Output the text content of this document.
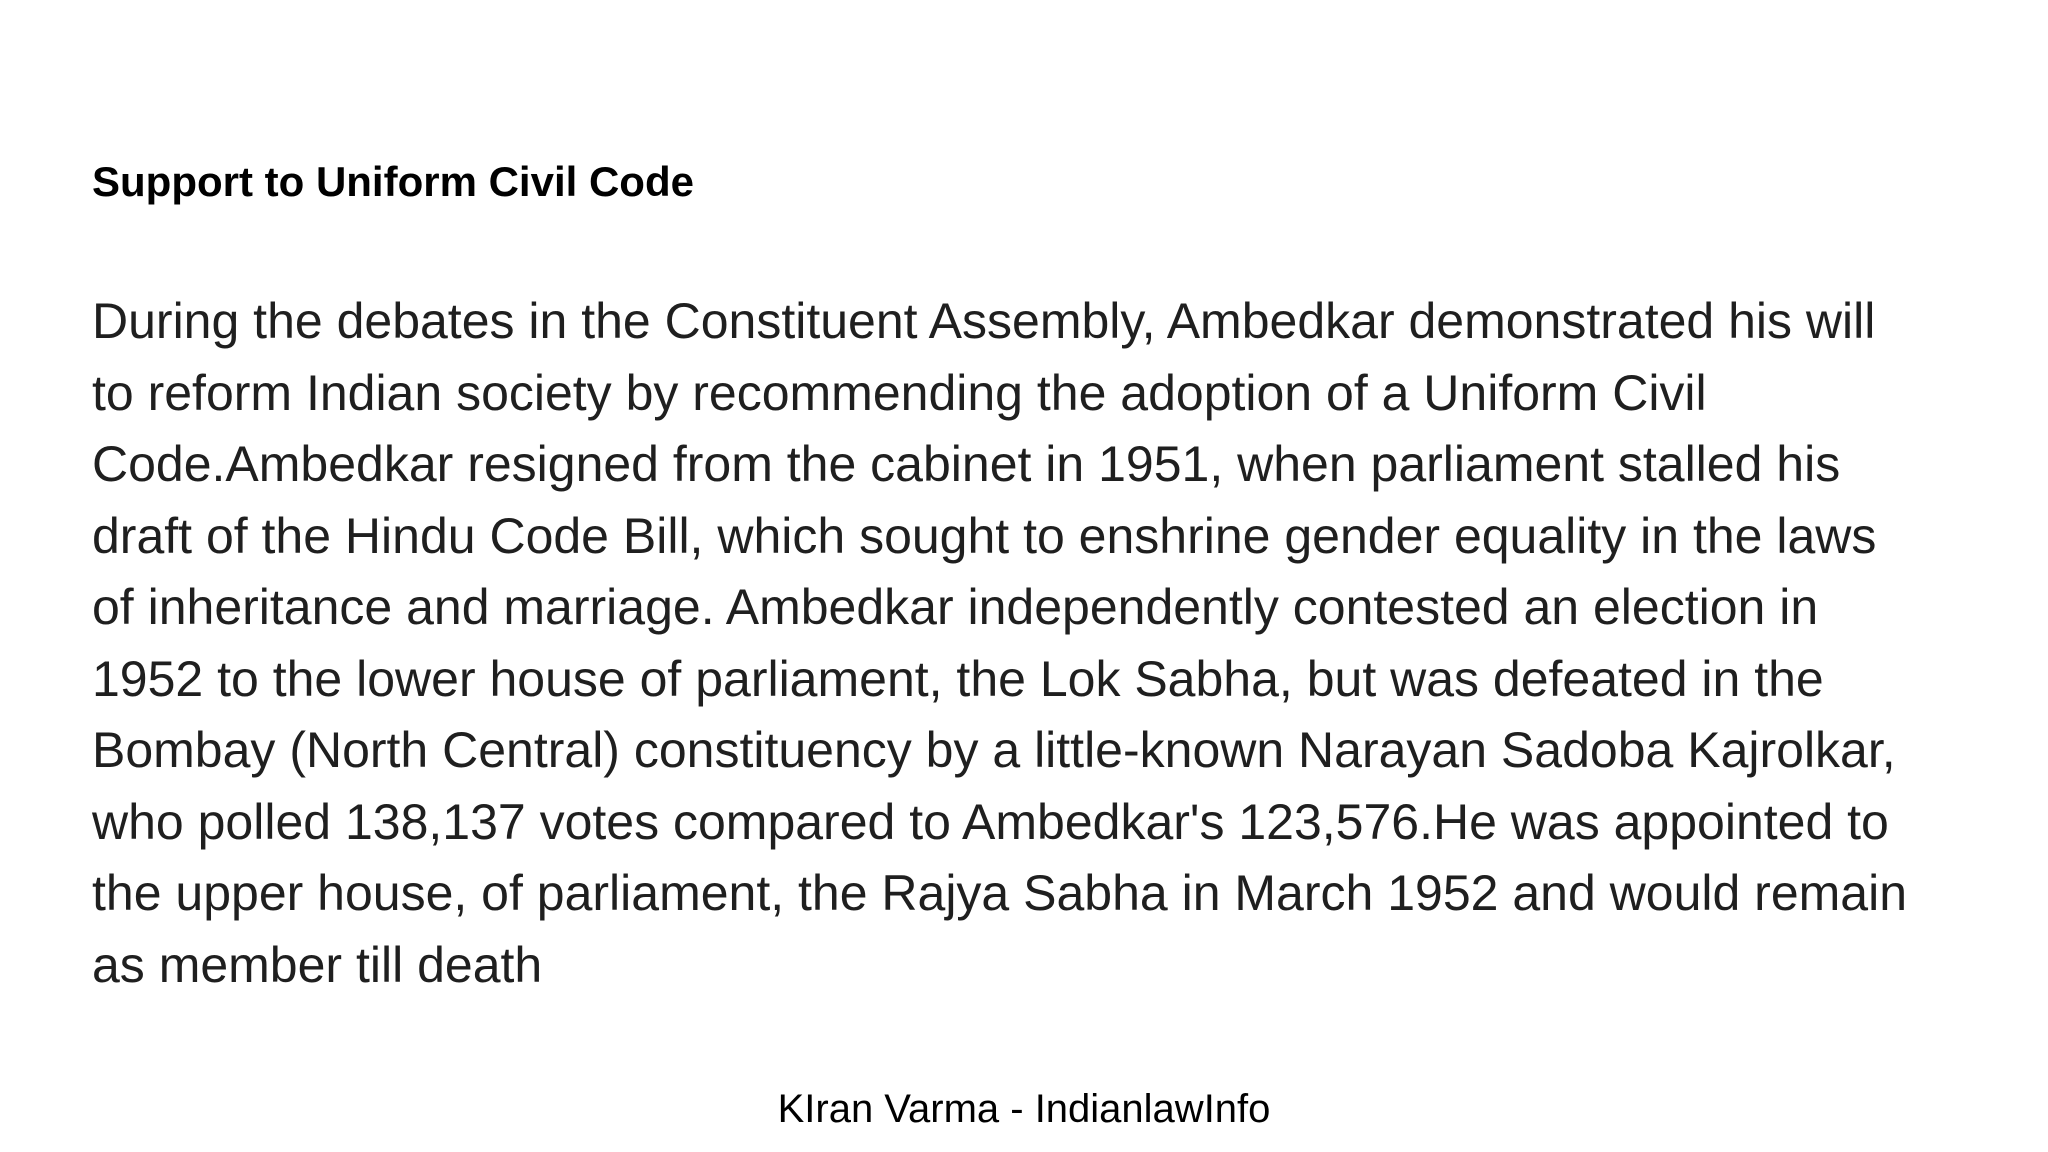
Support to Uniform Civil Code
During the debates in the Constituent Assembly, Ambedkar demonstrated his will
to reform Indian society by recommending the adoption of a Uniform Civil
Code.Ambedkar resigned from the cabinet in 1951, when parliament stalled his
draft of the Hindu Code Bill, which sought to enshrine gender equality in the laws
of inheritance and marriage. Ambedkar independently contested an election in
1952 to the lower house of parliament, the Lok Sabha, but was defeated in the
Bombay (North Central) constituency by a little-known Narayan Sadoba Kajrolkar,
who polled 138,137 votes compared to Ambedkar's 123,576.He was appointed to
the upper house, of parliament, the Rajya Sabha in March 1952 and would remain
as member till death

KIran Varma - IndianlawInfo
